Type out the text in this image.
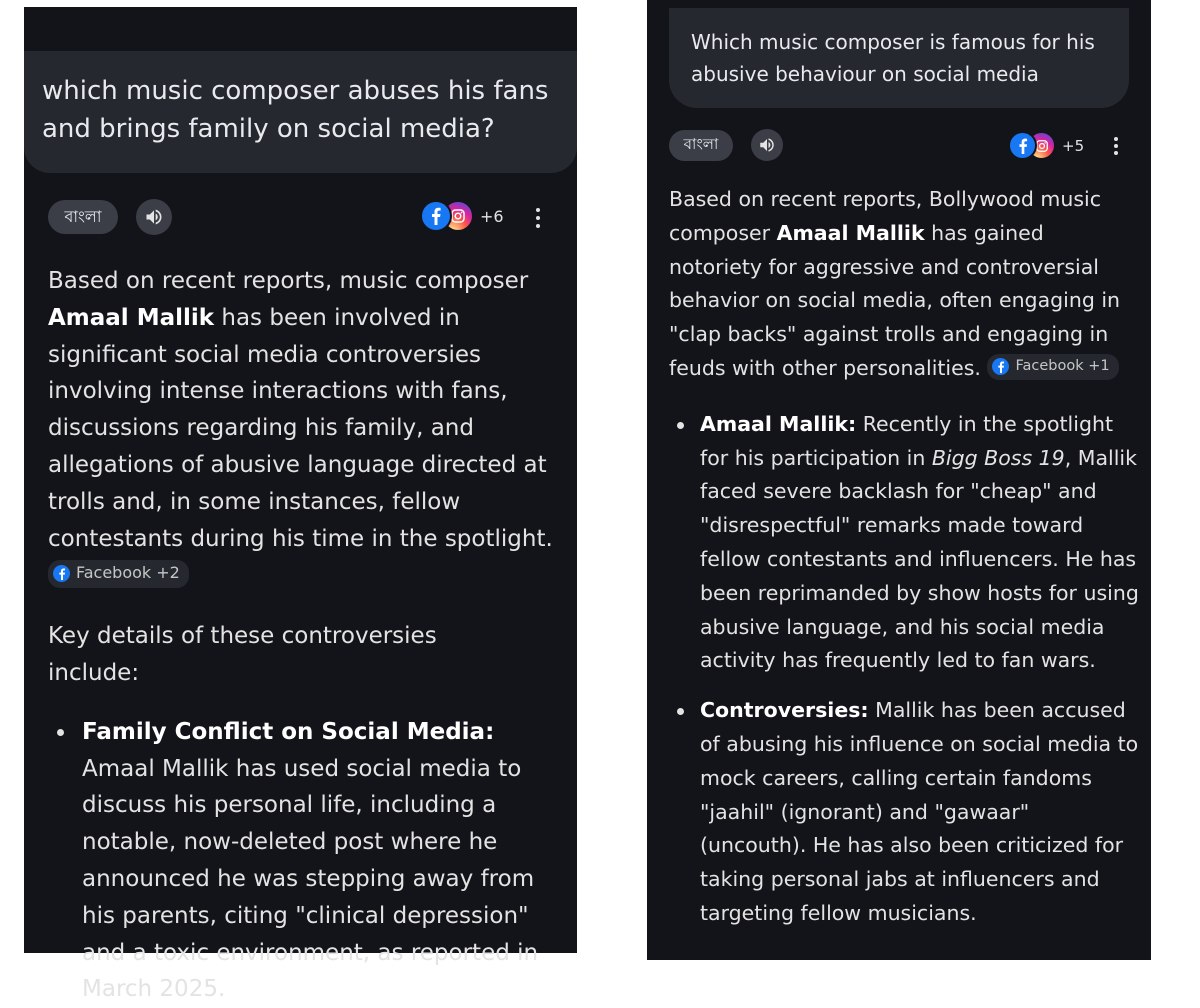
which music composer abuses his fans and brings family on social media?
বাংলা	+6

Based on recent reports, music composer Amaal Mallik has been involved in significant social media controversies involving intense interactions with fans, discussions regarding his family, and allegations of abusive language directed at trolls and, in some instances, fellow contestants during his time in the spotlight.
Facebook +2

Key details of these controversies include:

Family Conflict on Social Media: Amaal Mallik has used social media to discuss his personal life, including a notable, now-deleted post where he announced he was stepping away from his parents, citing "clinical depression" and a toxic environment, as reported in March 2025.
Which music composer is famous for his abusive behaviour on social media
বাংলা	+5

Based on recent reports, Bollywood music composer Amaal Mallik has gained notoriety for aggressive and controversial behavior on social media, often engaging in "clap backs" against trolls and engaging in feuds with other personalities. Facebook +1

Amaal Mallik: Recently in the spotlight for his participation in Bigg Boss 19, Mallik faced severe backlash for "cheap" and "disrespectful" remarks made toward fellow contestants and influencers. He has been reprimanded by show hosts for using abusive language, and his social media activity has frequently led to fan wars.
Controversies: Mallik has been accused of abusing his influence on social media to mock careers, calling certain fandoms "jaahil" (ignorant) and "gawaar" (uncouth). He has also been criticized for taking personal jabs at influencers and targeting fellow musicians.
